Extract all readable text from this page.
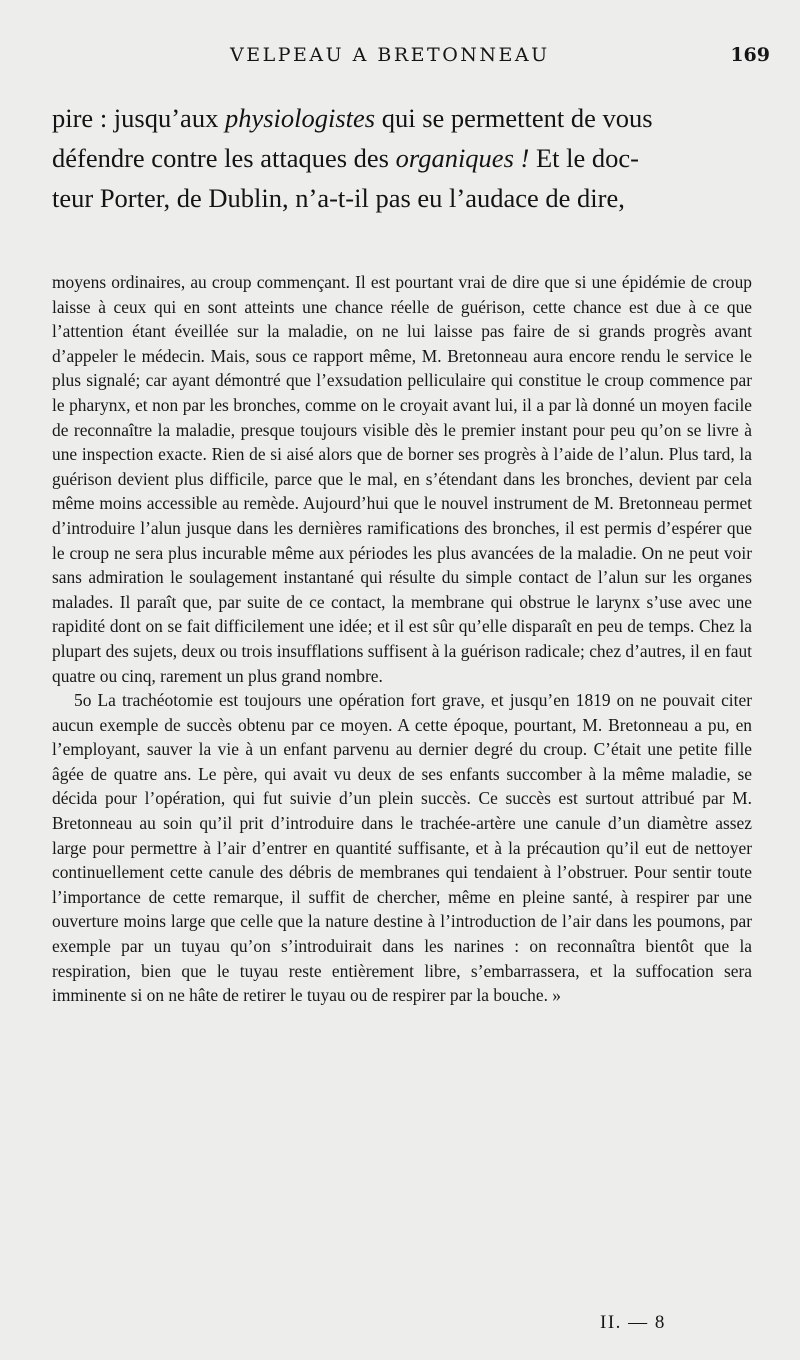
VELPEAU A BRETONNEAU	169

pire : jusqu’aux physiologistes qui se permettent de vous

défendre contre les attaques des organiques ! Et le doc-

teur Porter, de Dublin, n’a-t-il pas eu l’audace de dire,

moyens ordinaires, au croup commençant. Il est pourtant vrai de dire que si une épidémie de croup laisse à ceux qui en sont atteints une chance réelle de guérison, cette chance est due à ce que l’attention étant éveillée sur la maladie, on ne lui laisse pas faire de si grands progrès avant d’appeler le médecin. Mais, sous ce rapport même, M. Bretonneau aura encore rendu le service le plus signalé; car ayant démontré que l’exsudation pelliculaire qui constitue le croup commence par le pharynx, et non par les bronches, comme on le croyait avant lui, il a par là donné un moyen facile de reconnaître la maladie, presque toujours visible dès le premier instant pour peu qu’on se livre à une inspection exacte. Rien de si aisé alors que de borner ses progrès à l’aide de l’alun. Plus tard, la guérison devient plus difficile, parce que le mal, en s’étendant dans les bronches, devient par cela même moins accessible au remède. Aujourd’hui que le nouvel instrument de M. Bretonneau permet d’introduire l’alun jusque dans les dernières ramifications des bronches, il est permis d’espérer que le croup ne sera plus incurable même aux périodes les plus avancées de la maladie. On ne peut voir sans admiration le soulagement instantané qui résulte du simple contact de l’alun sur les organes malades. Il paraît que, par suite de ce contact, la membrane qui obstrue le larynx s’use avec une rapidité dont on se fait difficilement une idée; et il est sûr qu’elle disparaît en peu de temps. Chez la plupart des sujets, deux ou trois insufflations suffisent à la guérison radicale; chez d’autres, il en faut quatre ou cinq, rarement un plus grand nombre.

5o La trachéotomie est toujours une opération fort grave, et jusqu’en 1819 on ne pouvait citer aucun exemple de succès obtenu par ce moyen. A cette époque, pourtant, M. Bretonneau a pu, en l’employant, sauver la vie à un enfant parvenu au dernier degré du croup. C’était une petite fille âgée de quatre ans. Le père, qui avait vu deux de ses enfants succomber à la même maladie, se décida pour l’opération, qui fut suivie d’un plein succès. Ce succès est surtout attribué par M. Bretonneau au soin qu’il prit d’introduire dans le trachée-artère une canule d’un diamètre assez large pour permettre à l’air d’entrer en quantité suffisante, et à la précaution qu’il eut de nettoyer continuellement cette canule des débris de membranes qui tendaient à l’obstruer. Pour sentir toute l’importance de cette remarque, il suffit de chercher, même en pleine santé, à respirer par une ouverture moins large que celle que la nature destine à l’introduction de l’air dans les poumons, par exemple par un tuyau qu’on s’introduirait dans les narines : on reconnaîtra bientôt que la respiration, bien que le tuyau reste entièrement libre, s’embarrassera, et la suffocation sera imminente si on ne hâte de retirer le tuyau ou de respirer par la bouche. »

II. — 8
